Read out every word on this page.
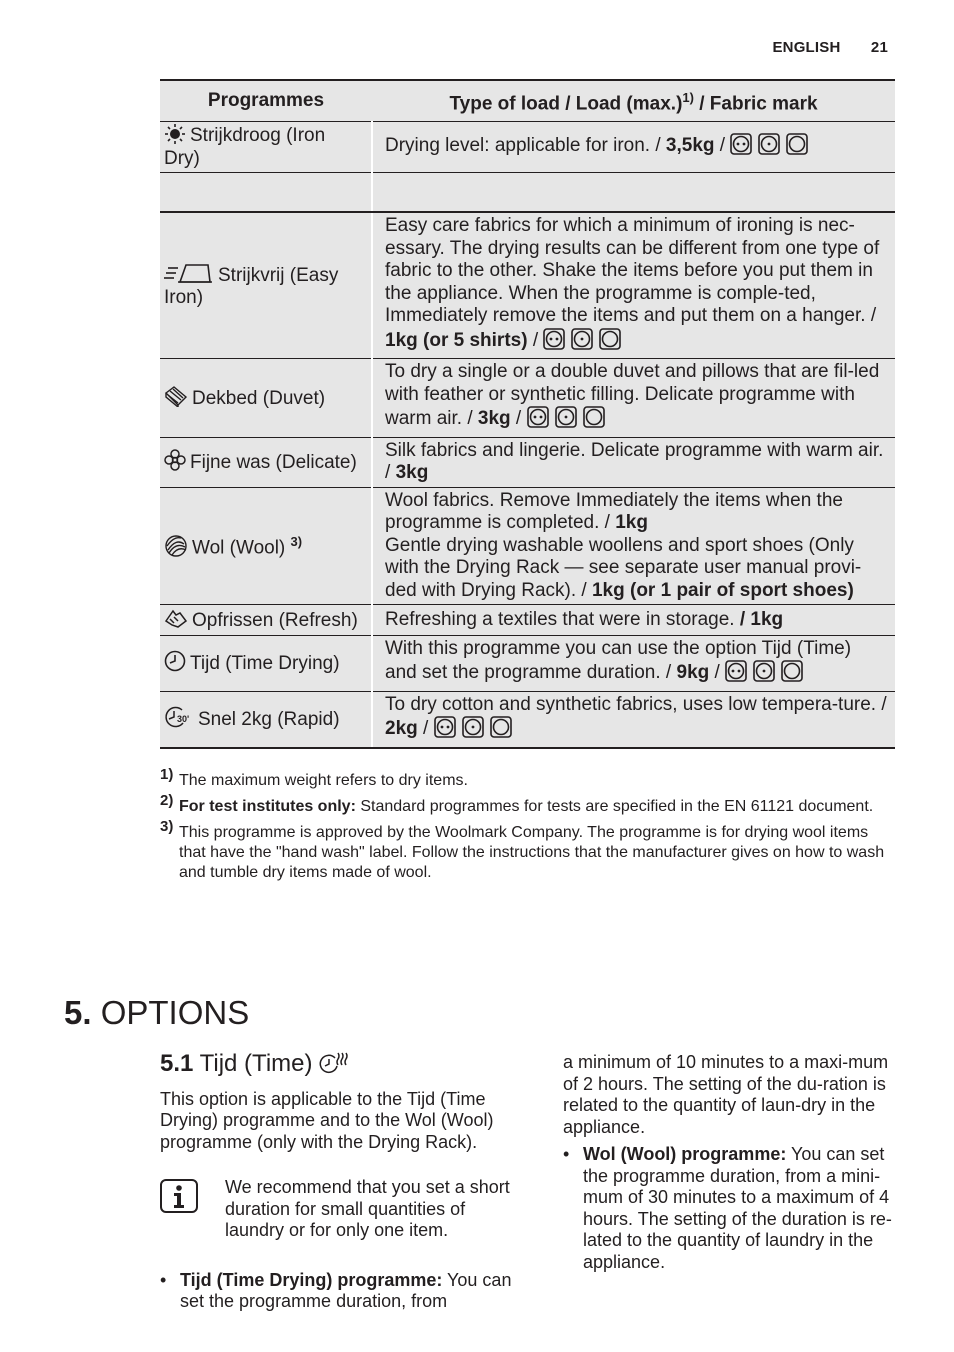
ENGLISH 21
Programmes	Type of load / Load $(\max.)^{1)}$ / Fabric mark
Strijkdroog (Iron Dry)	Drying level: applicable for iron. / 3,5kg /

Strijkvrij (Easy Iron)	Easy care fabrics for which a minimum of ironing is nec-essary. The drying results can be different from one type of fabric to the other. Shake the items before you put them in the appliance. When the programme is comple-ted, Immediately remove the items and put them on a hanger. / 1kg (or 5 shirts) /
Dekbed (Duvet)	To dry a single or a double duvet and pillows that are fil-led with feather or synthetic filling. Delicate programme with warm air. / 3kg /
Fijne was (Delicate)	Silk fabrics and lingerie. Delicate programme with warm air. / 3kg
Wol (Wool) $^{3)}$	Wool fabrics. Remove Immediately the items when the programme is completed. / 1kg
Gentle drying washable woollens and sport shoes (Only with the Drying Rack — see separate user manual provi-ded with Drying Rack). / 1kg (or 1 pair of sport shoes)
Opfrissen (Refresh)	Refreshing a textiles that were in storage. / 1kg
Tijd (Time Drying)	With this programme you can use the option Tijd (Time) and set the programme duration. / 9kg /

30' Snel 2kg (Rapid)	To dry cotton and synthetic fabrics, uses low tempera-ture. / 2kg /
1) The maximum weight refers to dry items.
2) For test institutes only: Standard programmes for tests are specified in the EN 61121 document.
3) This programme is approved by the Woolmark Company. The programme is for drying wool items that have the "hand wash" label. Follow the instructions that the manufacturer gives on how to wash and tumble dry items made of wool.
5. OPTIONS
5.1 Tijd (Time)

This option is applicable to the Tijd (Time Drying) programme and to the Wol (Wool) programme (only with the Drying Rack).

We recommend that you set a short duration for small quantities of laundry or for only one item.

• Tijd (Time Drying) programme: You can set the programme duration, from

a minimum of 10 minutes to a maxi-mum of 2 hours. The setting of the du-ration is related to the quantity of laun-dry in the appliance.

• Wol (Wool) programme: You can set the programme duration, from a mini-mum of 30 minutes to a maximum of 4 hours. The setting of the duration is re-lated to the quantity of laundry in the appliance.
